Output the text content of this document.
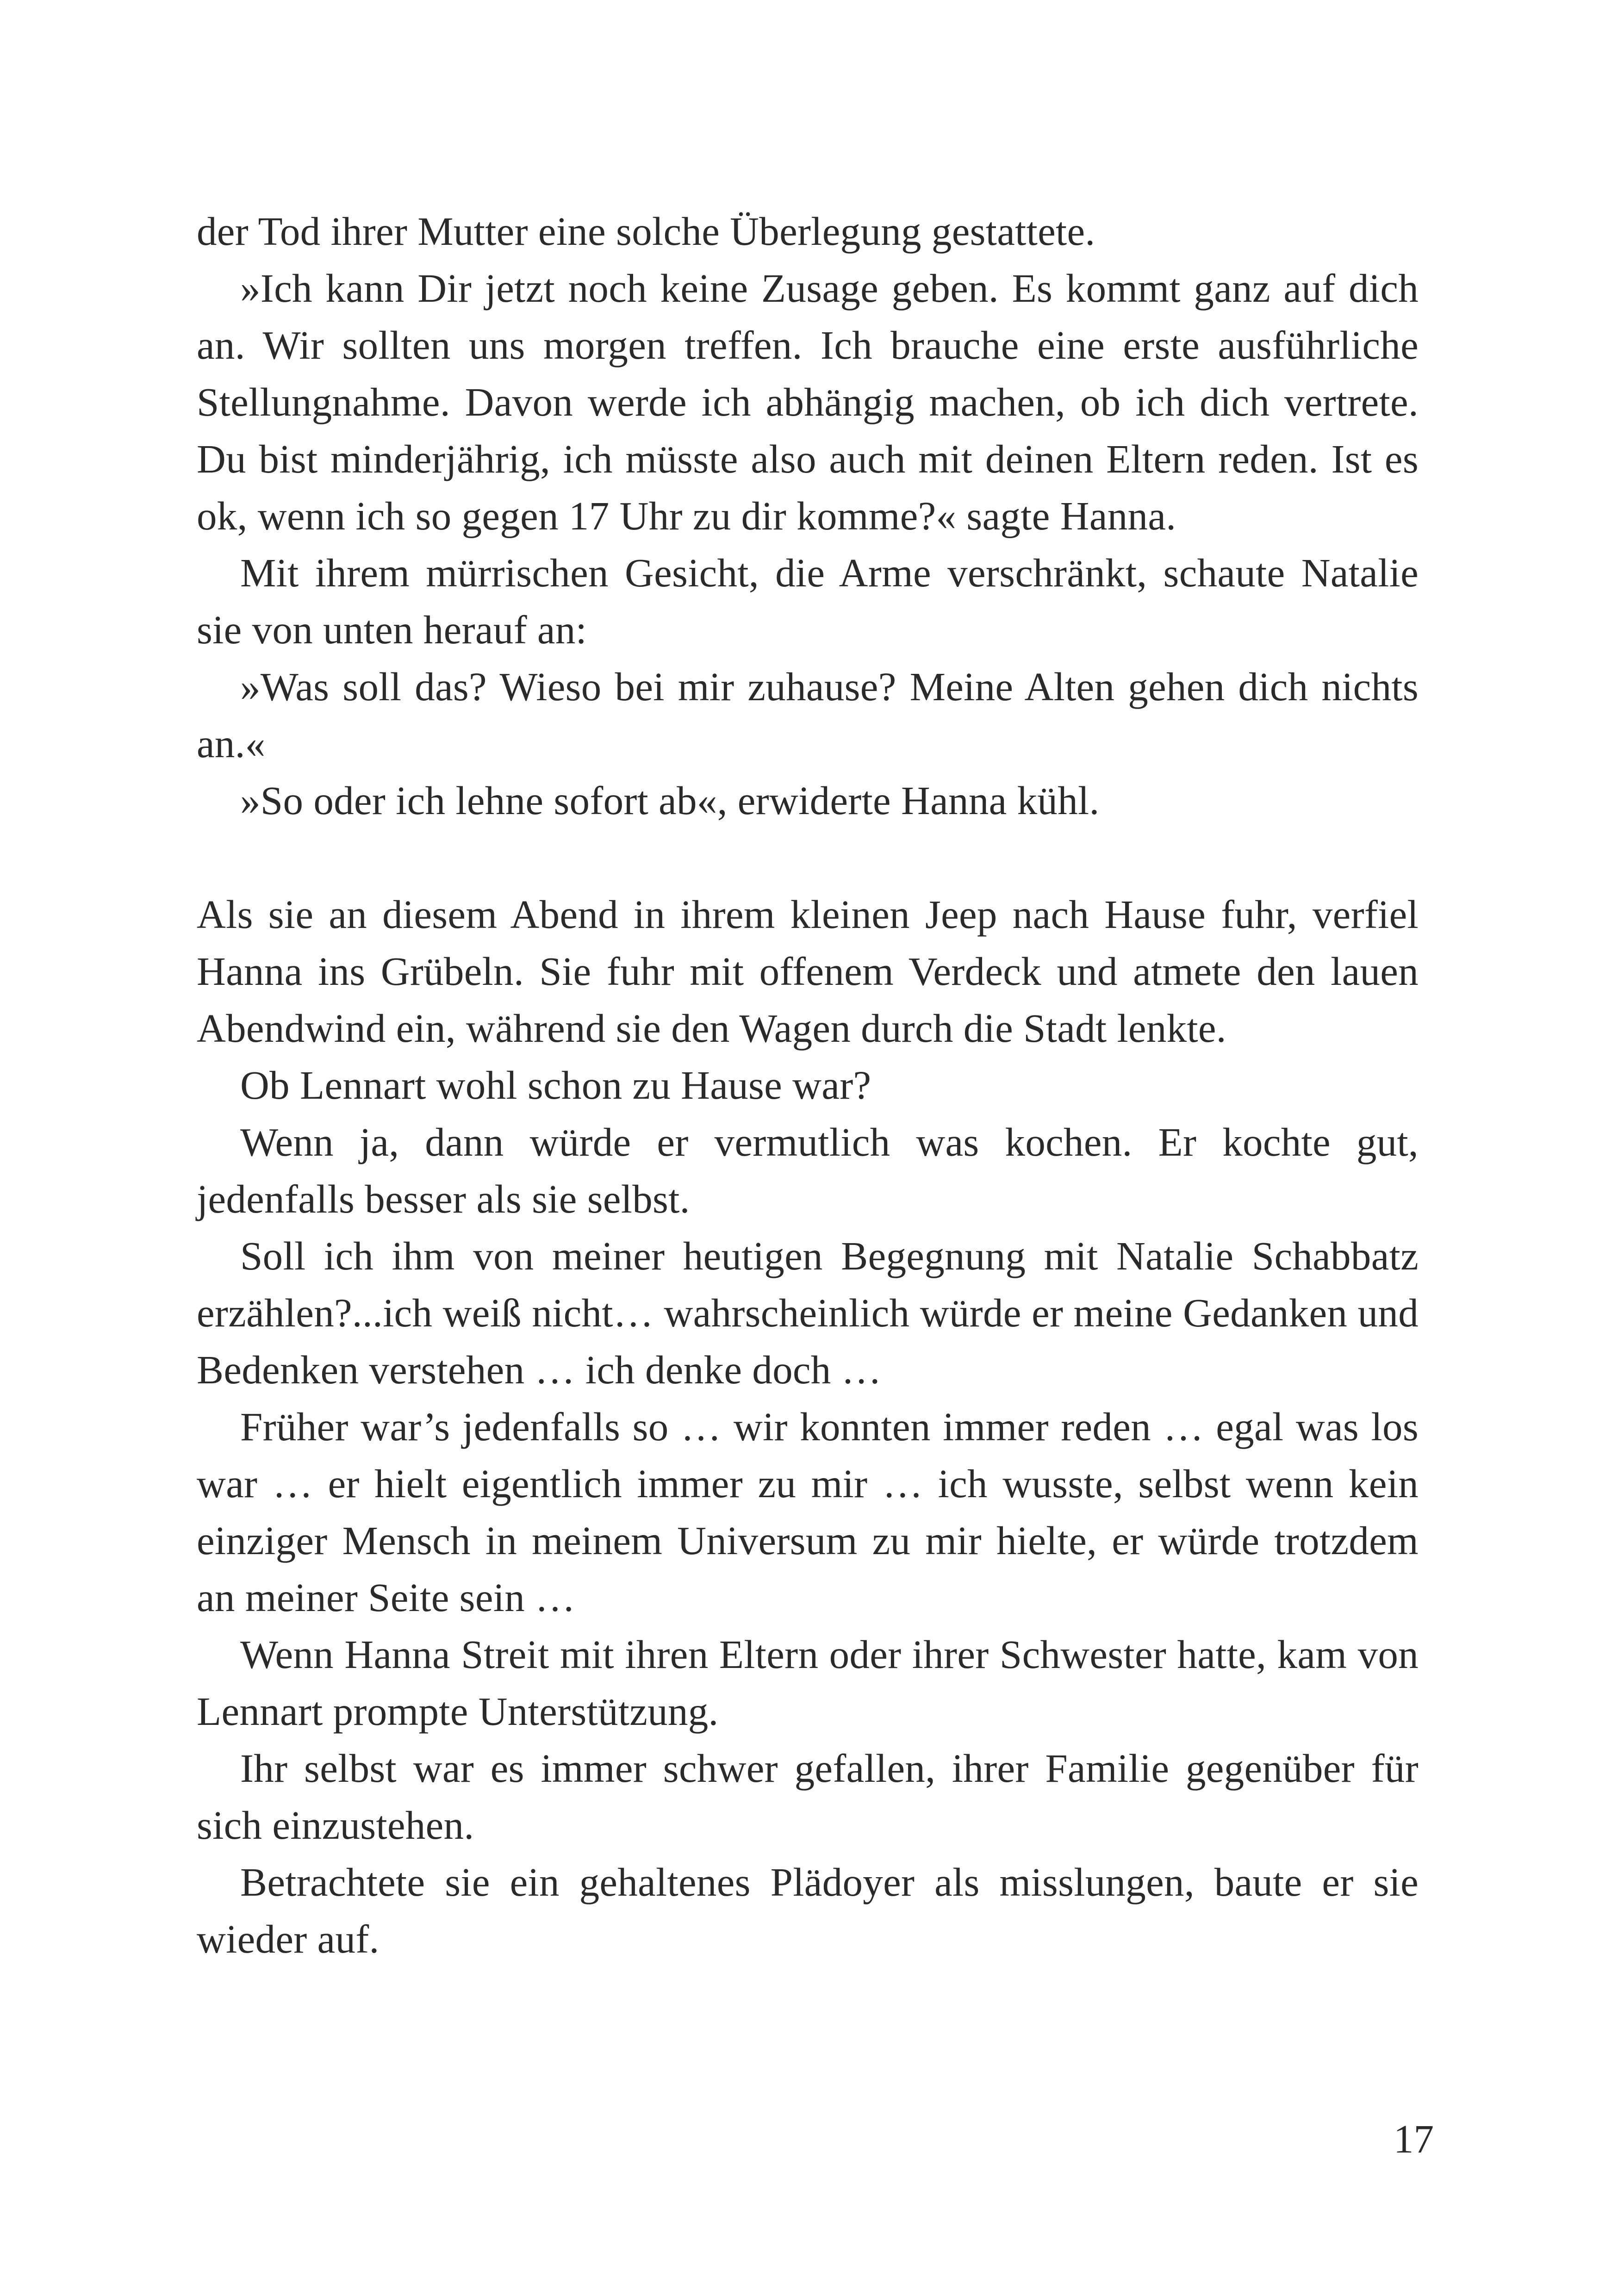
der Tod ihrer Mutter eine solche Überlegung gestattete.

»Ich kann Dir jetzt noch keine Zusage geben. Es kommt ganz auf dich an. Wir sollten uns morgen treffen. Ich brauche eine erste ausführliche Stellungnahme. Davon werde ich abhängig machen, ob ich dich vertrete. Du bist minderjährig, ich müsste also auch mit deinen Eltern reden. Ist es ok, wenn ich so gegen 17 Uhr zu dir komme?« sagte Hanna.

Mit ihrem mürrischen Gesicht, die Arme verschränkt, schaute Natalie sie von unten herauf an:

»Was soll das? Wieso bei mir zuhause? Meine Alten gehen dich nichts an.«

»So oder ich lehne sofort ab«, erwiderte Hanna kühl.

Als sie an diesem Abend in ihrem kleinen Jeep nach Hause fuhr, verfiel Hanna ins Grübeln. Sie fuhr mit offenem Verdeck und atmete den lauen Abendwind ein, während sie den Wagen durch die Stadt lenkte.

Ob Lennart wohl schon zu Hause war?

Wenn ja, dann würde er vermutlich was kochen. Er kochte gut, jedenfalls besser als sie selbst.

Soll ich ihm von meiner heutigen Begegnung mit Natalie Schabbatz erzählen?...ich weiß nicht… wahrscheinlich würde er meine Gedanken und Bedenken verstehen … ich denke doch …

Früher war’s jedenfalls so … wir konnten immer reden … egal was los war … er hielt eigentlich immer zu mir … ich wusste, selbst wenn kein einziger Mensch in meinem Universum zu mir hielte, er würde trotzdem an meiner Seite sein …

Wenn Hanna Streit mit ihren Eltern oder ihrer Schwester hatte, kam von Lennart prompte Unterstützung.

Ihr selbst war es immer schwer gefallen, ihrer Familie gegenüber für sich einzustehen.

Betrachtete sie ein gehaltenes Plädoyer als misslungen, baute er sie wieder auf.

17
